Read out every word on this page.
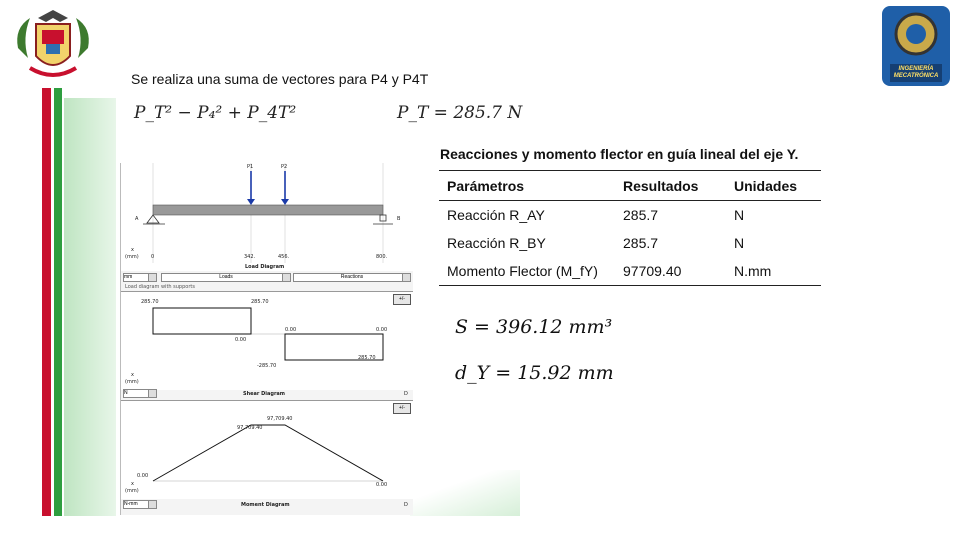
INGENIERÍA MECATRÓNICA
Se realiza una suma de vectores para P4 y P4T
P_T² − P₄² + P_4T²	P_T = 285.7 N
P1	P2
A	B
x
(mm) 0	342.	456.	800.
Load Diagram
mm	Loads	Reactions
Load diagram with supports
285.70	285.70
0.00
0.00
-285.70
0.00
285.70
+/-
x
(mm)
N	Shear Diagram	D
97,709.40
97,709.40
0.00
0.00
+/-
x
(mm)
N-mm	Moment Diagram	D
Reacciones y momento flector en guía lineal del eje Y.
Parámetros	Resultados	Unidades
Reacción R_AY	285.7	N
Reacción R_BY	285.7	N
Momento Flector (M_fY)	97709.40	N.mm
S = 396.12 mm³
d_Y = 15.92 mm
